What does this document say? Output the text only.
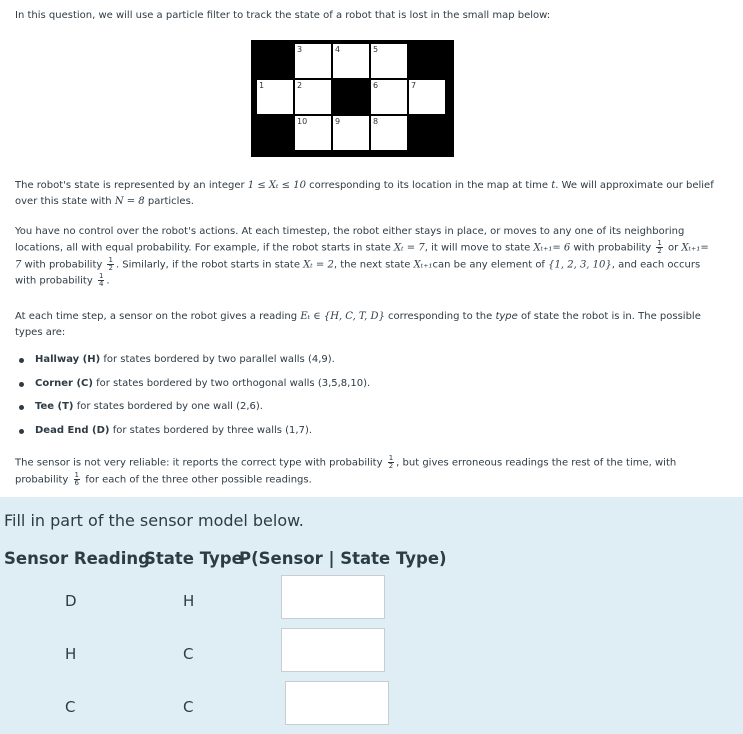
In this question, we will use a particle filter to track the state of a robot that is lost in the small map below:

3	4	5
1	2	6	7
10	9	8

The robot's state is represented by an integer 1 ≤ Xₜ ≤ 10 corresponding to its location in the map at time t. We will approximate our belief over this state with N = 8 particles.

You have no control over the robot's actions. At each timestep, the robot either stays in place, or moves to any one of its neighboring locations, all with equal probability. For example, if the robot starts in state Xₜ = 7, it will move to state Xₜ₊₁= 6 with probability $\frac{1}{2}$ or Xₜ₊₁= 7 with probability $\frac{1}{2}$ . Similarly, if the robot starts in state Xₜ = 2, the next state Xₜ₊₁can be any element of {1, 2, 3, 10}, and each occurs with probability $\frac{1}{4}$ .

At each time step, a sensor on the robot gives a reading Eₜ ∈ {H, C, T, D} corresponding to the type of state the robot is in. The possible types are:

Hallway (H) for states bordered by two parallel walls (4,9).
Corner (C) for states bordered by two orthogonal walls (3,5,8,10).
Tee (T) for states bordered by one wall (2,6).
Dead End (D) for states bordered by three walls (1,7).

The sensor is not very reliable: it reports the correct type with probability $\frac{1}{2}$ , but gives erroneous readings the rest of the time, with probability $\frac{1}{6}$ for each of the three other possible readings.

Fill in part of the sensor model below.
Sensor Reading
State Type
P(Sensor | State Type)
D	H
H	C
C	C
